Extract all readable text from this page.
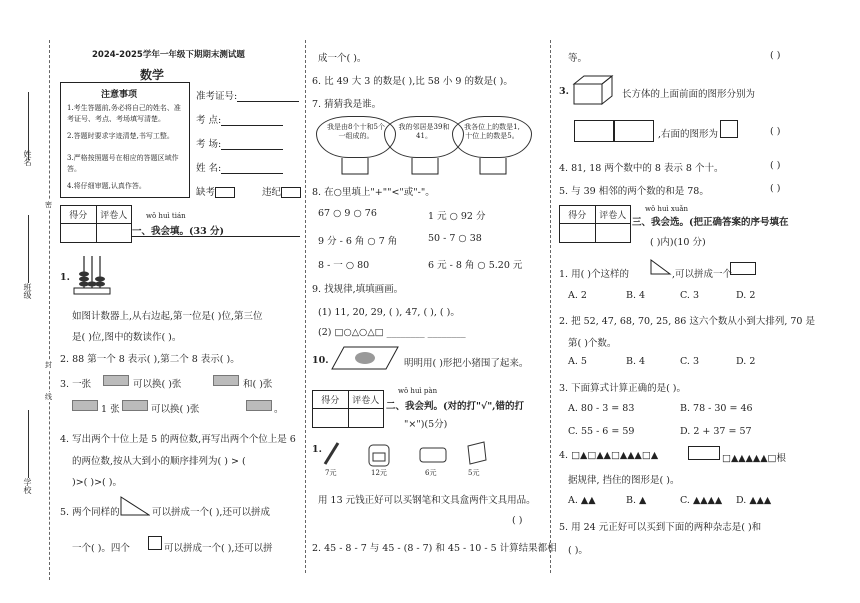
姓名
班级
学校
密
封
线
2024-2025学年一年级下期期末测试题
数学
注意事项
1.考生答题前,务必将自己的姓名、准考证号、考点、考场填写清楚。
2.答题时要求字迹清楚,书写工整。
3.严格按照题号在相应的答题区域作答。
4.将仔细审题,认真作答。
准考证号:
考 点:
考 场:
姓 名:
缺考	违纪
得分	评卷人	wǒ huì tián
一、我会填。(33 分)
1.
如图计数器上,从右边起,第一位是( )位,第三位
是( )位,图中的数读作( )。
2. 88 第一个 8 表示( ),第二个 8 表示( )。
3. 一张	可以换( )张	和( )张
1 张	可以换( )张	。
4. 写出两个十位上是 5 的两位数,再写出两个个位上是 6
的两位数,按从大到小的顺序排列为( ) > (
)>( )>( )。
5. 两个同样的	可以拼成一个( ),还可以拼成
一个( )。四个	可以拼成一个( ),还可以拼
成一个( )。
6. 比 49 大 3 的数是( ),比 58 小 9 的数是( )。
7. 猜猜我是谁。
我是由8个十和5个一组成的。
我的邻居是39和41。
我各位上的数是1,十位上的数是5。
8. 在○里填上"+""<"或"-"。
67 ○ 9 ○ 76	1 元 ○ 92 分
9 分 - 6 角 ○ 7 角	50 - 7 ○ 38
8 - 一 ○ 80	6 元 - 8 角 ○ 5.20 元
9. 找规律,填填画画。
(1) 11, 20, 29, ( ), 47, ( ), ( )。
(2) □○△○△□ ________ ________
10.	明明用( )形把小猪围了起来。
得分	评卷人
wǒ huì pàn
二、我会判。(对的打"√",错的打
"×")(5分)
1.
7元	12元	6元	5元
用 13 元钱正好可以买钢笔和文具盒两件文具用品。
( )
2. 45 - 8 - 7 与 45 - (8 - 7) 和 45 - 10 - 5 计算结果都相
等。	( )
3.	长方体的上面前面的图形分别为
,右面的图形为	( )
4. 81, 18 两个数中的 8 表示 8 个十。	( )
5. 与 39 相邻的两个数的和是 78。	( )
得分	评卷人
wǒ huì xuǎn
三、我会选。(把正确答案的序号填在
( )内)(10 分)
1. 用( )个这样的	,可以拼成一个
A. 2	B. 4	C. 3	D. 2
2. 把 52, 47, 68, 70, 25, 86 这六个数从小到大排列, 70 是
第( )个数。
A. 5	B. 4	C. 3	D. 2
3. 下面算式计算正确的是( )。
A. 80 - 3 = 83	B. 78 - 30 = 46
C. 55 - 6 = 59	D. 2 + 37 = 57
4. □▲□▲▲□▲▲▲□▲	□▲▲▲▲▲□根
据规律, 挡住的图形是( )。
A. ▲▲	B. ▲	C. ▲▲▲▲ D. ▲▲▲
5. 用 24 元正好可以买到下面的两种杂志是( )和
( )。
